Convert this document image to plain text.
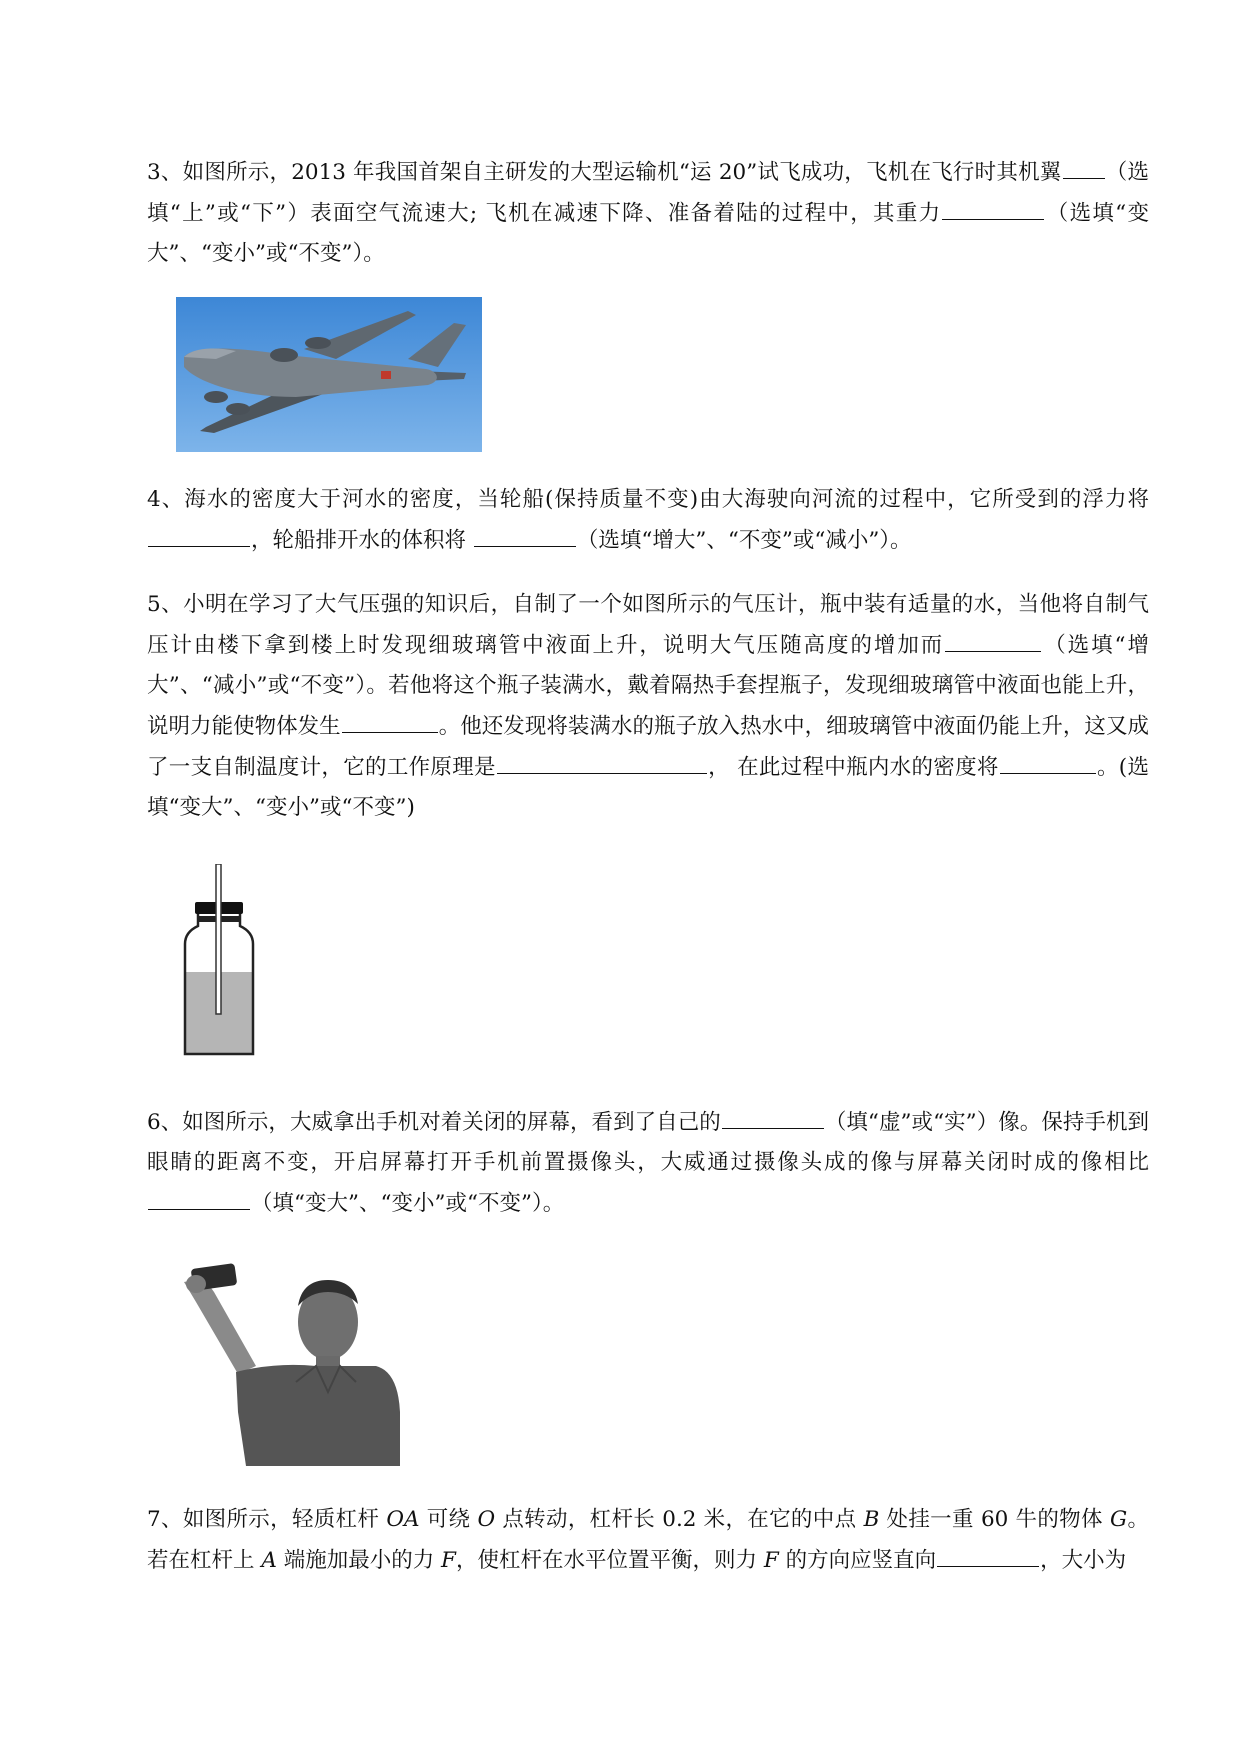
3、如图所示，2013 年我国首架自主研发的大型运输机“运 20”试飞成功，飞机在飞行时其机翼 （选填“上”或“下”）表面空气流速大; 飞机在减速下降、准备着陆的过程中，其重力	（选填“变大”、“变小”或“不变”）。
4、海水的密度大于河水的密度，当轮船(保持质量不变)由大海驶向河流的过程中，它所受到的浮力将，轮船排开水的体积将	（选填“增大”、“不变”或“减小”）。
5、小明在学习了大气压强的知识后，自制了一个如图所示的气压计，瓶中装有适量的水，当他将自制气压计由楼下拿到楼上时发现细玻璃管中液面上升，说明大气压随高度的增加而	（选填“增大”、“减小”或“不变”）。若他将这个瓶子装满水，戴着隔热手套捏瓶子，发现细玻璃管中液面也能上升，说明力能使物体发生	。他还发现将装满水的瓶子放入热水中，细玻璃管中液面仍能上升，这又成了一支自制温度计，它的工作原理是	， 在此过程中瓶内水的密度将	。(选填“变大”、“变小”或“不变”)
6、如图所示，大威拿出手机对着关闭的屏幕，看到了自己的	（填“虚”或“实”）像。保持手机到眼睛的距离不变，开启屏幕打开手机前置摄像头，大威通过摄像头成的像与屏幕关闭时成的像相比（填“变大”、“变小”或“不变”）。
7、如图所示，轻质杠杆 OA 可绕 O 点转动，杠杆长 0.2 米，在它的中点 B 处挂一重 60 牛的物体 G。若在杠杆上 A 端施加最小的力 F，使杠杆在水平位置平衡，则力 F 的方向应竖直向	，大小为
